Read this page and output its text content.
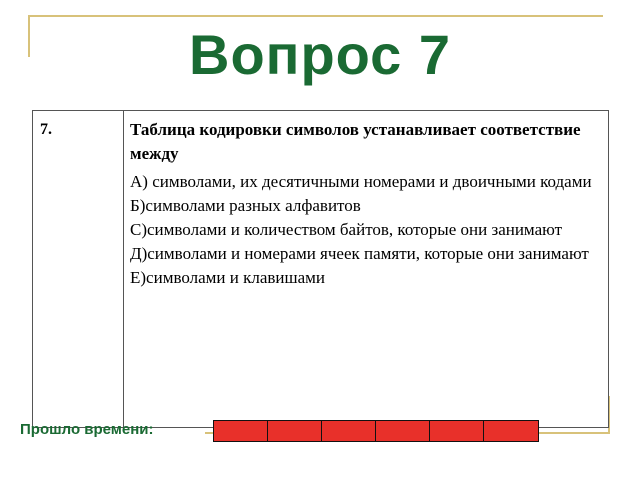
Вопрос 7
7.	Таблица кодировки символов устанавливает соответствие между
А) символами, их десятичными номерами и двоичными кодами
Б)символами разных алфавитов
С)символами и количеством байтов, которые они занимают
Д)символами и номерами ячеек памяти, которые они занимают
Е)символами и клавишами
Прошло времени:
